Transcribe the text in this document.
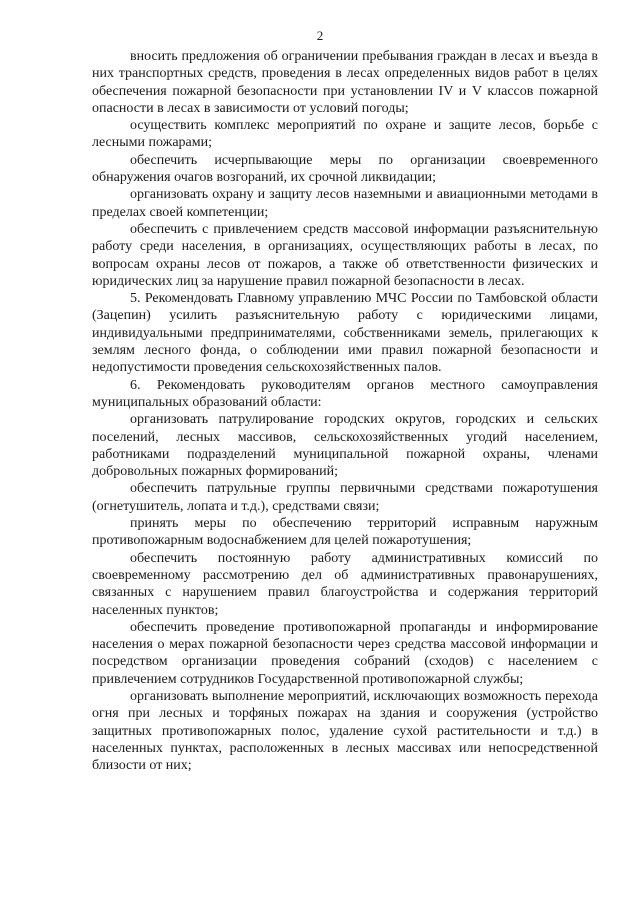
2

вносить предложения об ограничении пребывания граждан в лесах и въезда в них транспортных средств, проведения в лесах определенных видов работ в целях обеспечения пожарной безопасности при установлении IV и V классов пожарной опасности в лесах в зависимости от условий погоды;

осуществить комплекс мероприятий по охране и защите лесов, борьбе с лесными пожарами;

обеспечить исчерпывающие меры по организации своевременного обнаружения очагов возгораний, их срочной ликвидации;

организовать охрану и защиту лесов наземными и авиационными методами в пределах своей компетенции;

обеспечить с привлечением средств массовой информации разъяснительную работу среди населения, в организациях, осуществляющих работы в лесах, по вопросам охраны лесов от пожаров, а также об ответственности физических и юридических лиц за нарушение правил пожарной безопасности в лесах.

5. Рекомендовать Главному управлению МЧС России по Тамбовской области (Зацепин) усилить разъяснительную работу с юридическими лицами, индивидуальными предпринимателями, собственниками земель, прилегающих к землям лесного фонда, о соблюдении ими правил пожарной безопасности и недопустимости проведения сельскохозяйственных палов.

6. Рекомендовать руководителям органов местного самоуправления муниципальных образований области:

организовать патрулирование городских округов, городских и сельских поселений, лесных массивов, сельскохозяйственных угодий населением, работниками подразделений муниципальной пожарной охраны, членами добровольных пожарных формирований;

обеспечить патрульные группы первичными средствами пожаротушения (огнетушитель, лопата и т.д.), средствами связи;

принять меры по обеспечению территорий исправным наружным противопожарным водоснабжением для целей пожаротушения;

обеспечить постоянную работу административных комиссий по своевременному рассмотрению дел об административных правонарушениях, связанных с нарушением правил благоустройства и содержания территорий населенных пунктов;

обеспечить проведение противопожарной пропаганды и информирование населения о мерах пожарной безопасности через средства массовой информации и посредством организации проведения собраний (сходов) с населением с привлечением сотрудников Государственной противопожарной службы;

организовать выполнение мероприятий, исключающих возможность перехода огня при лесных и торфяных пожарах на здания и сооружения (устройство защитных противопожарных полос, удаление сухой растительности и т.д.) в населенных пунктах, расположенных в лесных массивах или непосредственной близости от них;
